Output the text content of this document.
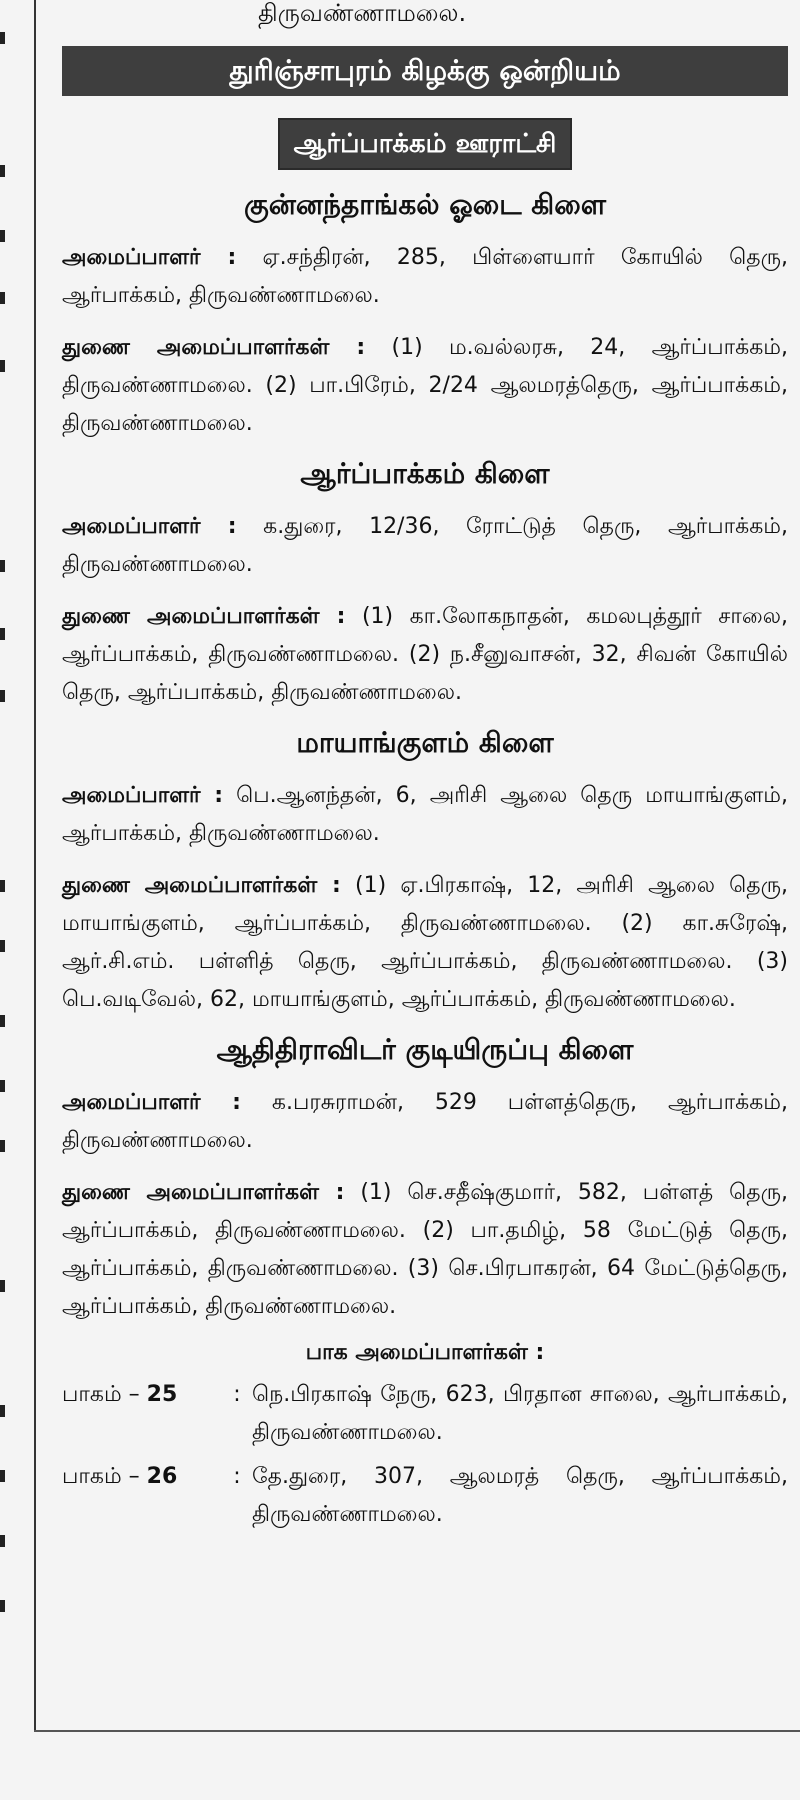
திருவண்ணாமலை.
துரிஞ்சாபுரம் கிழக்கு ஒன்றியம்
ஆர்ப்பாக்கம் ஊராட்சி
குன்னந்தாங்கல் ஓடை கிளை

அமைப்பாளர் : ஏ.சந்திரன், 285, பிள்ளையார் கோயில் தெரு, ஆர்பாக்கம், திருவண்ணாமலை.

துணை அமைப்பாளர்கள் : (1) ம.வல்லரசு, 24, ஆர்ப்பாக்கம், திருவண்ணாமலை. (2) பா.பிரேம், 2/24 ஆலமரத்தெரு, ஆர்ப்பாக்கம், திருவண்ணாமலை.

ஆர்ப்பாக்கம் கிளை

அமைப்பாளர் : க.துரை, 12/36, ரோட்டுத் தெரு, ஆர்பாக்கம், திருவண்ணாமலை.

துணை அமைப்பாளர்கள் : (1) கா.லோகநாதன், கமலபுத்தூர் சாலை, ஆர்ப்பாக்கம், திருவண்ணாமலை. (2) ந.சீனுவாசன், 32, சிவன் கோயில் தெரு, ஆர்ப்பாக்கம், திருவண்ணாமலை.

மாயாங்குளம் கிளை

அமைப்பாளர் : பெ.ஆனந்தன், 6, அரிசி ஆலை தெரு மாயாங்குளம், ஆர்பாக்கம், திருவண்ணாமலை.

துணை அமைப்பாளர்கள் : (1) ஏ.பிரகாஷ், 12, அரிசி ஆலை தெரு, மாயாங்குளம், ஆர்ப்பாக்கம், திருவண்ணாமலை. (2) கா.சுரேஷ், ஆர்.சி.எம். பள்ளித் தெரு, ஆர்ப்பாக்கம், திருவண்ணாமலை. (3) பெ.வடிவேல், 62, மாயாங்குளம், ஆர்ப்பாக்கம், திருவண்ணாமலை.

ஆதிதிராவிடர் குடியிருப்பு கிளை

அமைப்பாளர் : க.பரசுராமன், 529 பள்ளத்தெரு, ஆர்பாக்கம், திருவண்ணாமலை.

துணை அமைப்பாளர்கள் : (1) செ.சதீஷ்குமார், 582, பள்ளத் தெரு, ஆர்ப்பாக்கம், திருவண்ணாமலை. (2) பா.தமிழ், 58 மேட்டுத் தெரு, ஆர்ப்பாக்கம், திருவண்ணாமலை. (3) செ.பிரபாகரன், 64 மேட்டுத்தெரு, ஆர்ப்பாக்கம், திருவண்ணாமலை.

பாக அமைப்பாளர்கள் :
பாகம் – 25	: நெ.பிரகாஷ் நேரு, 623, பிரதான சாலை, ஆர்பாக்கம், திருவண்ணாமலை.
பாகம் – 26	: தே.துரை, 307, ஆலமரத் தெரு, ஆர்ப்பாக்கம், திருவண்ணாமலை.
